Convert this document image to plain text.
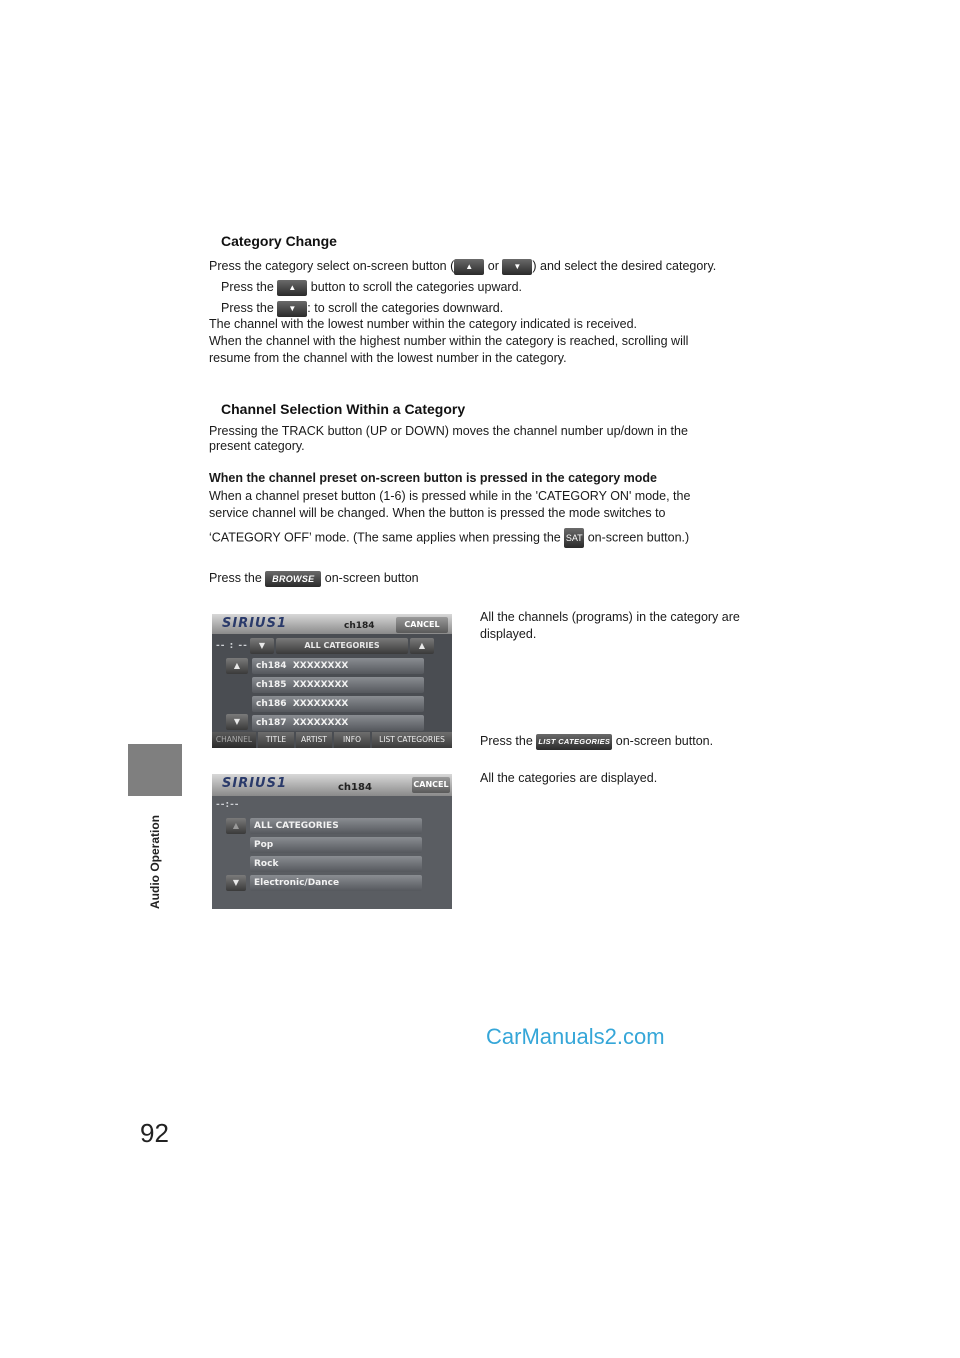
Audio Operation
92
Category Change
Press the category select on-screen button ( ▲ or ▼ ) and select the desired category.
Press the ▲ button to scroll the categories upward.
Press the ▼ : to scroll the categories downward.
The channel with the lowest number within the category indicated is received.
When the channel with the highest number within the category is reached, scrolling will
resume from the channel with the lowest number in the category.
Channel Selection Within a Category
Pressing the TRACK button (UP or DOWN) moves the channel number up/down in the
present category.
When the channel preset on-screen button is pressed in the category mode
When a channel preset button (1-6) is pressed while in the 'CATEGORY ON' mode, the
service channel will be changed. When the button is pressed the mode switches to
‘CATEGORY OFF’ mode. (The same applies when pressing the SAT on-screen button.)
Press the BROWSE on-screen button
SIRIUS1	ch184	CANCEL
-- : --	▼	ALL CATEGORIES	▲
▲
▼
ch184 XXXXXXXX
ch185 XXXXXXXX
ch186 XXXXXXXX
ch187 XXXXXXXX
CHANNEL	TITLE	ARTIST	INFO	LIST CATEGORIES
All the channels (programs) in the category are
displayed.
Press the LIST CATEGORIES on-screen button.
All the categories are displayed.
SIRIUS1	ch184	CANCEL
--:--
▲
▼
ALL CATEGORIES
Pop
Rock
Electronic/Dance
CarManuals2.com
